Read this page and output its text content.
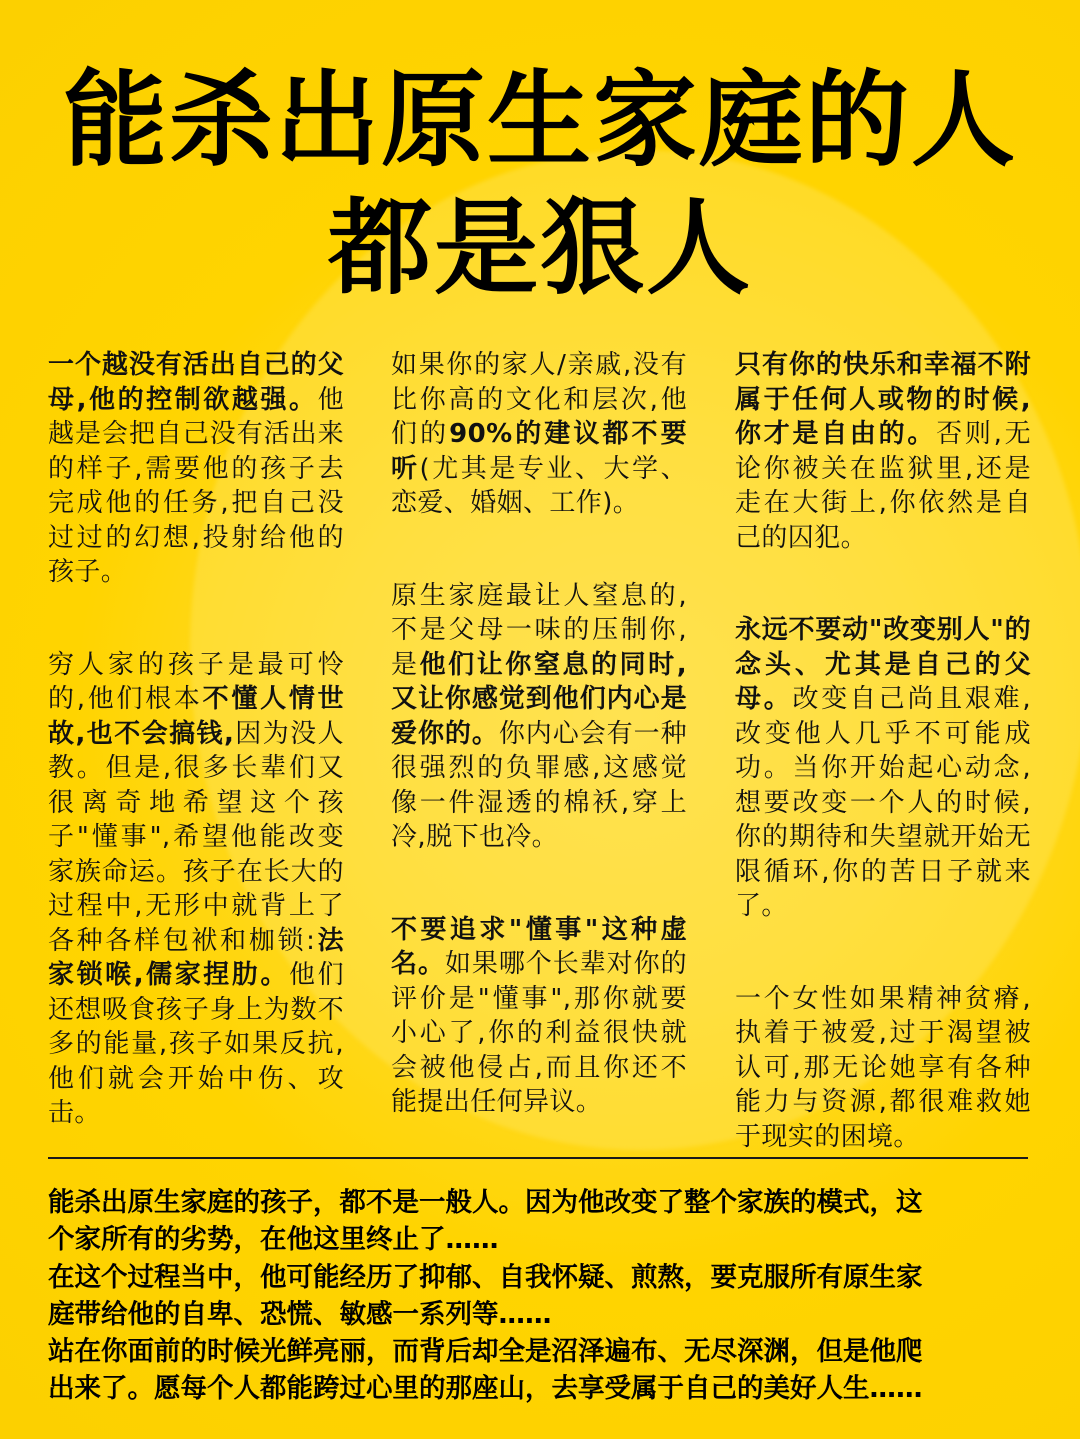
能杀出原生家庭的人
都是狠人

一个越没有活出自己的父母,他的控制欲越强。他越是会把自己没有活出来的样子,需要他的孩子去完成他的任务,把自己没过过的幻想,投射给他的孩子。

穷人家的孩子是最可怜的,他们根本不懂人情世故,也不会搞钱,因为没人教。但是,很多长辈们又很离奇地希望这个孩子"懂事",希望他能改变家族命运。孩子在长大的过程中,无形中就背上了各种各样包袱和枷锁:法家锁喉,儒家捏肋。他们还想吸食孩子身上为数不多的能量,孩子如果反抗,他们就会开始中伤、攻击。

如果你的家人/亲戚,没有比你高的文化和层次,他们的90%的建议都不要听(尤其是专业、大学、恋爱、婚姻、工作)。

原生家庭最让人窒息的,不是父母一味的压制你,是他们让你窒息的同时,又让你感觉到他们内心是爱你的。你内心会有一种很强烈的负罪感,这感觉像一件湿透的棉袄,穿上冷,脱下也冷。

不要追求"懂事"这种虚名。如果哪个长辈对你的评价是"懂事",那你就要小心了,你的利益很快就会被他侵占,而且你还不能提出任何异议。

只有你的快乐和幸福不附属于任何人或物的时候,你才是自由的。否则,无论你被关在监狱里,还是走在大街上,你依然是自己的囚犯。

永远不要动"改变别人"的念头、尤其是自己的父母。改变自己尚且艰难,改变他人几乎不可能成功。当你开始起心动念,想要改变一个人的时候,你的期待和失望就开始无限循环,你的苦日子就来了。

一个女性如果精神贫瘠,执着于被爱,过于渴望被认可,那无论她享有各种能力与资源,都很难救她于现实的困境。

能杀出原生家庭的孩子，都不是一般人。因为他改变了整个家族的模式，这

个家所有的劣势，在他这里终止了……

在这个过程当中，他可能经历了抑郁、自我怀疑、煎熬，要克服所有原生家

庭带给他的自卑、恐慌、敏感一系列等……

站在你面前的时候光鲜亮丽，而背后却全是沼泽遍布、无尽深渊，但是他爬

出来了。愿每个人都能跨过心里的那座山，去享受属于自己的美好人生……
